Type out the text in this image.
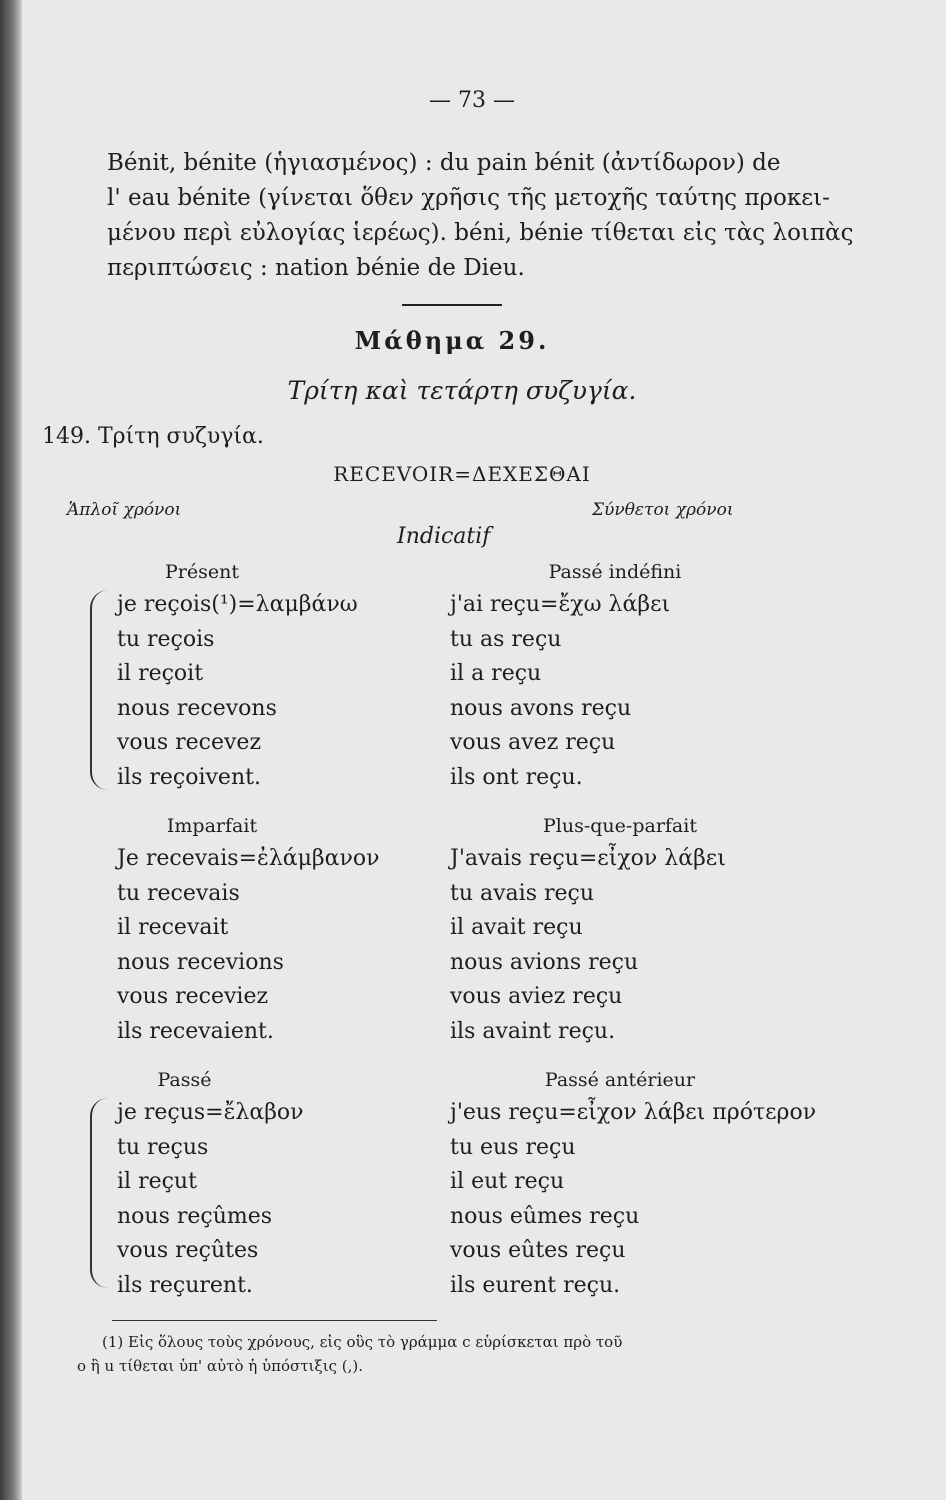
— 73 —

Bénit, bénite (ἡγιασμένος) : du pain bénit (ἀντίδωρον) de

l' eau bénite (γίνεται ὅθεν χρῆσις τῆς μετοχῆς ταύτης προκει-

μένου περὶ εὐλογίας ἱερέως). béni, bénie τίθεται εἰς τὰς λοιπὰς

περιπτώσεις : nation bénie de Dieu.

Μάθημα 29.
Τρίτη καὶ τετάρτη συζυγία.
149. Τρίτη συζυγία.
RECEVOIR=ΔΕΧΕΣΘΑΙ
Ἁπλοῖ χρόνοι	Σύνθετοι χρόνοι
Indicatif
Présent
je reçois(¹)=λαμβάνω
tu reçois
il reçoit
nous recevons
vous recevez
ils reçoivent.
Imparfait
Je recevais=ἐλάμβανον
tu recevais
il recevait
nous recevions
vous receviez
ils recevaient.
Passé
je reçus=ἔλαβον
tu reçus
il reçut
nous reçûmes
vous reçûtes
ils reçurent.
Passé indéfini
j'ai reçu=ἔχω λάβει
tu as reçu
il a reçu
nous avons reçu
vous avez reçu
ils ont reçu.
Plus-que-parfait
J'avais reçu=εἶχον λάβει
tu avais reçu
il avait reçu
nous avions reçu
vous aviez reçu
ils avaint reçu.
Passé antérieur
j'eus reçu=εἶχον λάβει πρότερον
tu eus reçu
il eut reçu
nous eûmes reçu
vous eûtes reçu
ils eurent reçu.

(1) Εἰς ὅλους τοὺς χρόνους, εἰς οὓς τὸ γράμμα c εὑρίσκεται πρὸ τοῦ

o ἢ u τίθεται ὑπ' αὐτὸ ἡ ὑπόστιξις (,).
